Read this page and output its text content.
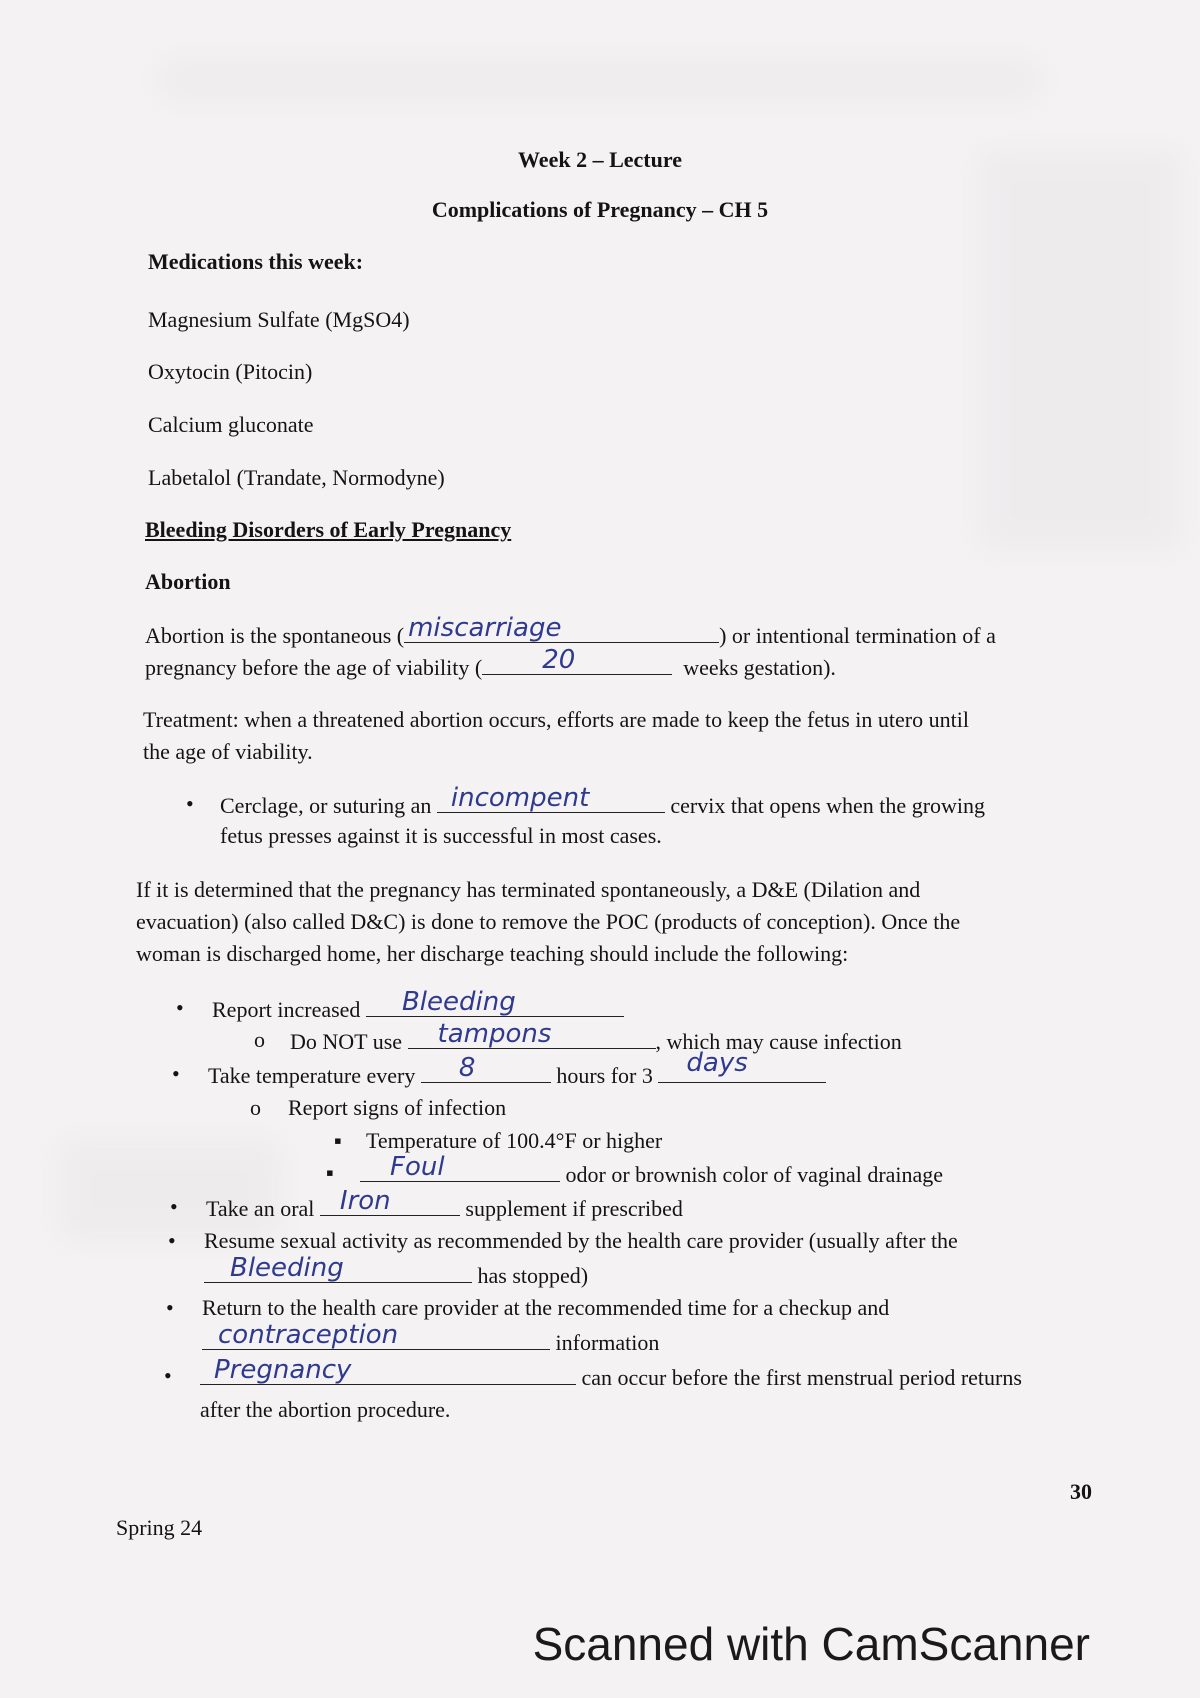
Week 2 – Lecture
Complications of Pregnancy – CH 5
Medications this week:
Magnesium Sulfate (MgSO4)
Oxytocin (Pitocin)
Calcium gluconate
Labetalol (Trandate, Normodyne)
Bleeding Disorders of Early Pregnancy
Abortion
Abortion is the spontaneous ( miscarriage	) or intentional termination of a
pregnancy before the age of viability ( 20	weeks gestation).
Treatment: when a threatened abortion occurs, efforts are made to keep the fetus in utero until
the age of viability.
• Cerclage, or suturing an incompent	cervix that opens when the growing
fetus presses against it is successful in most cases.
If it is determined that the pregnancy has terminated spontaneously, a D&E (Dilation and
evacuation) (also called D&C) is done to remove the POC (products of conception). Once the
woman is discharged home, her discharge teaching should include the following:
• Report increased Bleeding
o Do NOT use tampons	, which may cause infection
• Take temperature every 8	hours for 3 days
o Report signs of infection
▪ Temperature of 100.4°F or higher
▪ Foul	odor or brownish color of vaginal drainage
• Take an oral Iron	supplement if prescribed
• Resume sexual activity as recommended by the health care provider (usually after the
Bleeding	has stopped)
• Return to the health care provider at the recommended time for a checkup and
contraception	information
• Pregnancy	can occur before the first menstrual period returns
after the abortion procedure.
30
Spring 24
Scanned with CamScanner
